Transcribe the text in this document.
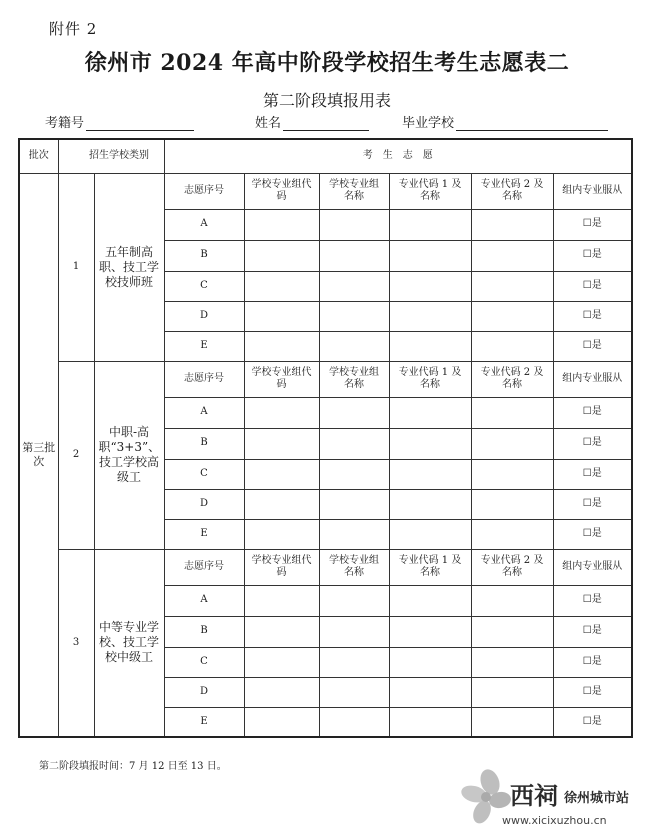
附件 2
徐州市 2024 年高中阶段学校招生考生志愿表二
第二阶段填报用表
考籍号	姓名	毕业学校
批次	招生学校类别		考　生　志　愿					
第三批次	1	五年制高职、技工学校技师班	志愿序号	学校专业组代码	学校专业组名称	专业代码 1 及名称	专业代码 2 及名称	组内专业服从
			A					☐是
			B					☐是
			C					☐是
			D					☐是
			E					☐是
	2	中职-高职“3+3”、技工学校高级工	志愿序号	学校专业组代码	学校专业组名称	专业代码 1 及名称	专业代码 2 及名称	组内专业服从
			A					☐是
			B					☐是
			C					☐是
			D					☐是
			E					☐是
	3	中等专业学校、技工学校中级工	志愿序号	学校专业组代码	学校专业组名称	专业代码 1 及名称	专业代码 2 及名称	组内专业服从
			A					☐是
			B					☐是
			C					☐是
			D					☐是
			E					☐是
第二阶段填报时间：7 月 12 日至 13 日。
西祠 徐州城市站
www.xicixuzhou.cn
